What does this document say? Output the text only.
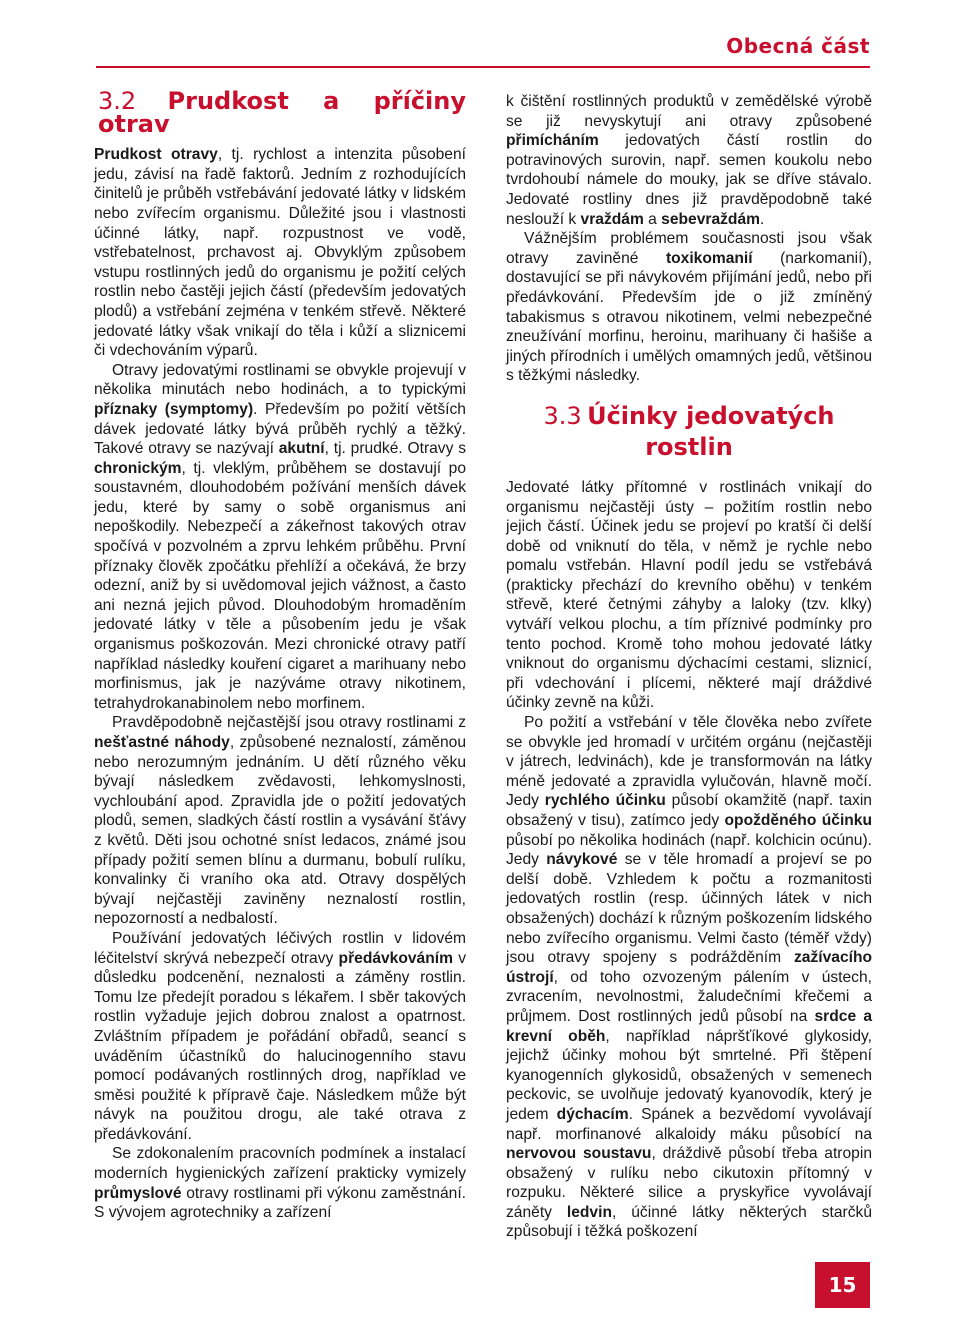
Obecná část
3.2 Prudkost a příčiny otrav

Prudkost otravy, tj. rychlost a intenzita působení jedu, závisí na řadě faktorů. Jedním z rozhodujících činitelů je průběh vstřebávání jedovaté látky v lidském nebo zvířecím organismu. Důležité jsou i vlastnosti účinné látky, např. rozpustnost ve vodě, vstřebatelnost, prchavost aj. Obvyklým způsobem vstupu rostlinných jedů do organismu je požití celých rostlin nebo častěji jejich částí (především jedovatých plodů) a vstřebání zejména v tenkém střevě. Některé jedovaté látky však vnikají do těla i kůží a sliznicemi či vdechováním výparů.

Otravy jedovatými rostlinami se obvykle projevují v několika minutách nebo hodinách, a to typickými příznaky (symptomy). Především po požití větších dávek jedovaté látky bývá průběh rychlý a těžký. Takové otravy se nazývají akutní, tj. prudké. Otravy s chronickým, tj. vleklým, průběhem se dostavují po soustavném, dlouhodobém požívání menších dávek jedu, které by samy o sobě organismus ani nepoškodily. Nebezpečí a zákeřnost takových otrav spočívá v pozvolném a zprvu lehkém průběhu. První příznaky člověk zpočátku přehlíží a očekává, že brzy odezní, aniž by si uvědomoval jejich vážnost, a často ani nezná jejich původ. Dlouhodobým hromaděním jedovaté látky v těle a působením jedu je však organismus poškozován. Mezi chronické otravy patří například následky kouření cigaret a marihuany nebo morfinismus, jak je nazýváme otravy nikotinem, tetrahydrokanabinolem nebo morfinem.

Pravděpodobně nejčastější jsou otravy rostlinami z nešťastné náhody, způsobené neznalostí, záměnou nebo nerozumným jednáním. U dětí různého věku bývají následkem zvědavosti, lehkomyslnosti, vychloubání apod. Zpravidla jde o požití jedovatých plodů, semen, sladkých částí rostlin a vysávání šťávy z květů. Děti jsou ochotné sníst ledacos, známé jsou případy požití semen blínu a durmanu, bobulí rulíku, konvalinky či vraního oka atd. Otravy dospělých bývají nejčastěji zaviněny neznalostí rostlin, nepozorností a nedbalostí.

Používání jedovatých léčivých rostlin v lidovém léčitelství skrývá nebezpečí otravy předávkováním v důsledku podcenění, neznalosti a záměny rostlin. Tomu lze předejít poradou s lékařem. I sběr takových rostlin vyžaduje jejich dobrou znalost a opatrnost. Zvláštním případem je pořádání obřadů, seancí s uváděním účastníků do halucinogenního stavu pomocí podávaných rostlinných drog, například ve směsi použité k přípravě čaje. Následkem může být návyk na použitou drogu, ale také otrava z předávkování.

Se zdokonalením pracovních podmínek a instalací moderních hygienických zařízení prakticky vymizely průmyslové otravy rostlinami při výkonu zaměstnání. S vývojem agrotechniky a zařízení

k čištění rostlinných produktů v zemědělské výrobě se již nevyskytují ani otravy způsobené přimícháním jedovatých částí rostlin do potravinových surovin, např. semen koukolu nebo tvrdohoubí námele do mouky, jak se dříve stávalo. Jedovaté rostliny dnes již pravděpodobně také neslouží k vraždám a sebevraždám.

Vážnějším problémem současnosti jsou však otravy zaviněné toxikomanií (narkomanií), dostavující se při návykovém přijímání jedů, nebo při předávkování. Především jde o již zmíněný tabakismus s otravou nikotinem, velmi nebezpečné zneužívání morfinu, heroinu, marihuany či hašiše a jiných přírodních i umělých omamných jedů, většinou s těžkými následky.

3.3 Účinky jedovatých
rostlin

Jedovaté látky přítomné v rostlinách vnikají do organismu nejčastěji ústy – požitím rostlin nebo jejich částí. Účinek jedu se projeví po kratší či delší době od vniknutí do těla, v němž je rychle nebo pomalu vstřebán. Hlavní podíl jedu se vstřebává (prakticky přechází do krevního oběhu) v tenkém střevě, které četnými záhyby a laloky (tzv. klky) vytváří velkou plochu, a tím příznivé podmínky pro tento pochod. Kromě toho mohou jedovaté látky vniknout do organismu dýchacími cestami, sliznicí, při vdechování i plícemi, některé mají dráždivé účinky zevně na kůži.

Po požití a vstřebání v těle člověka nebo zvířete se obvykle jed hromadí v určitém orgánu (nejčastěji v játrech, ledvinách), kde je transformován na látky méně jedovaté a zpravidla vylučován, hlavně močí. Jedy rychlého účinku působí okamžitě (např. taxin obsažený v tisu), zatímco jedy opožděného účinku působí po několika hodinách (např. kolchicin ocúnu). Jedy návykové se v těle hromadí a projeví se po delší době. Vzhledem k počtu a rozmanitosti jedovatých rostlin (resp. účinných látek v nich obsažených) dochází k různým poškozením lidského nebo zvířecího organismu. Velmi často (téměř vždy) jsou otravy spojeny s podrážděním zažívacího ústrojí, od toho ozvozeným pálením v ústech, zvracením, nevolnostmi, žaludečními křečemi a průjmem. Dost rostlinných jedů působí na srdce a krevní oběh, například nápršťíkové glykosidy, jejichž účinky mohou být smrtelné. Při štěpení kyanogenních glykosidů, obsažených v semenech peckovic, se uvolňuje jedovatý kyanovodík, který je jedem dýchacím. Spánek a bezvědomí vyvolávají např. morfinanové alkaloidy máku působící na nervovou soustavu, dráždivě působí třeba atropin obsažený v rulíku nebo cikutoxin přítomný v rozpuku. Některé silice a pryskyřice vyvolávají záněty ledvin, účinné látky některých starčků způsobují i těžká poškození

15
